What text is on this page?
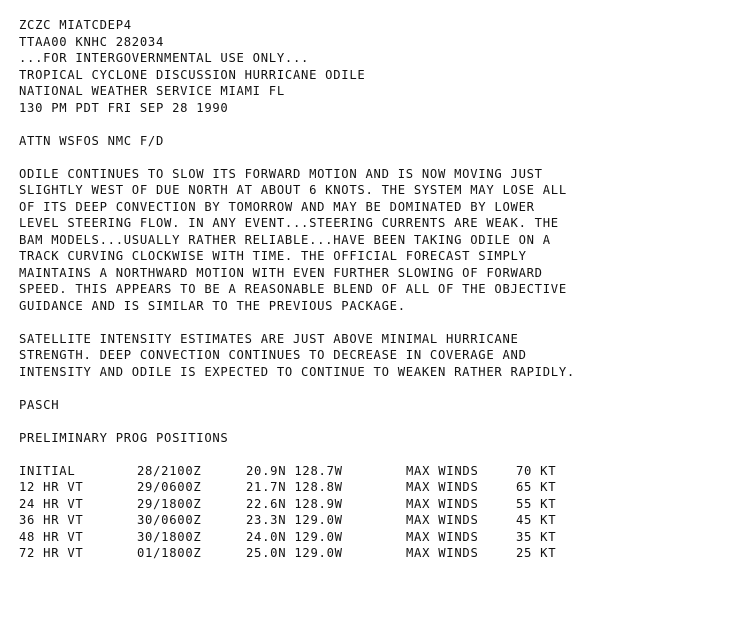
ZCZC MIATCDEP4
TTAA00 KNHC 282034
...FOR INTERGOVERNMENTAL USE ONLY...
TROPICAL CYCLONE DISCUSSION HURRICANE ODILE
NATIONAL WEATHER SERVICE MIAMI FL
130 PM PDT FRI SEP 28 1990
ATTN WSFOS NMC F/D
ODILE CONTINUES TO SLOW ITS FORWARD MOTION AND IS NOW MOVING JUST
SLIGHTLY WEST OF DUE NORTH AT ABOUT 6 KNOTS. THE SYSTEM MAY LOSE ALL
OF ITS DEEP CONVECTION BY TOMORROW AND MAY BE DOMINATED BY LOWER
LEVEL STEERING FLOW. IN ANY EVENT...STEERING CURRENTS ARE WEAK. THE
BAM MODELS...USUALLY RATHER RELIABLE...HAVE BEEN TAKING ODILE ON A
TRACK CURVING CLOCKWISE WITH TIME. THE OFFICIAL FORECAST SIMPLY
MAINTAINS A NORTHWARD MOTION WITH EVEN FURTHER SLOWING OF FORWARD
SPEED. THIS APPEARS TO BE A REASONABLE BLEND OF ALL OF THE OBJECTIVE
GUIDANCE AND IS SIMILAR TO THE PREVIOUS PACKAGE.
SATELLITE INTENSITY ESTIMATES ARE JUST ABOVE MINIMAL HURRICANE
STRENGTH. DEEP CONVECTION CONTINUES TO DECREASE IN COVERAGE AND
INTENSITY AND ODILE IS EXPECTED TO CONTINUE TO WEAKEN RATHER RAPIDLY.
PASCH
PRELIMINARY PROG POSITIONS
INITIAL	28/2100Z	20.9N 128.7W	MAX WINDS	70 KT
12 HR VT	29/0600Z	21.7N 128.8W	MAX WINDS	65 KT
24 HR VT	29/1800Z	22.6N 128.9W	MAX WINDS	55 KT
36 HR VT	30/0600Z	23.3N 129.0W	MAX WINDS	45 KT
48 HR VT	30/1800Z	24.0N 129.0W	MAX WINDS	35 KT
72 HR VT	01/1800Z	25.0N 129.0W	MAX WINDS	25 KT
